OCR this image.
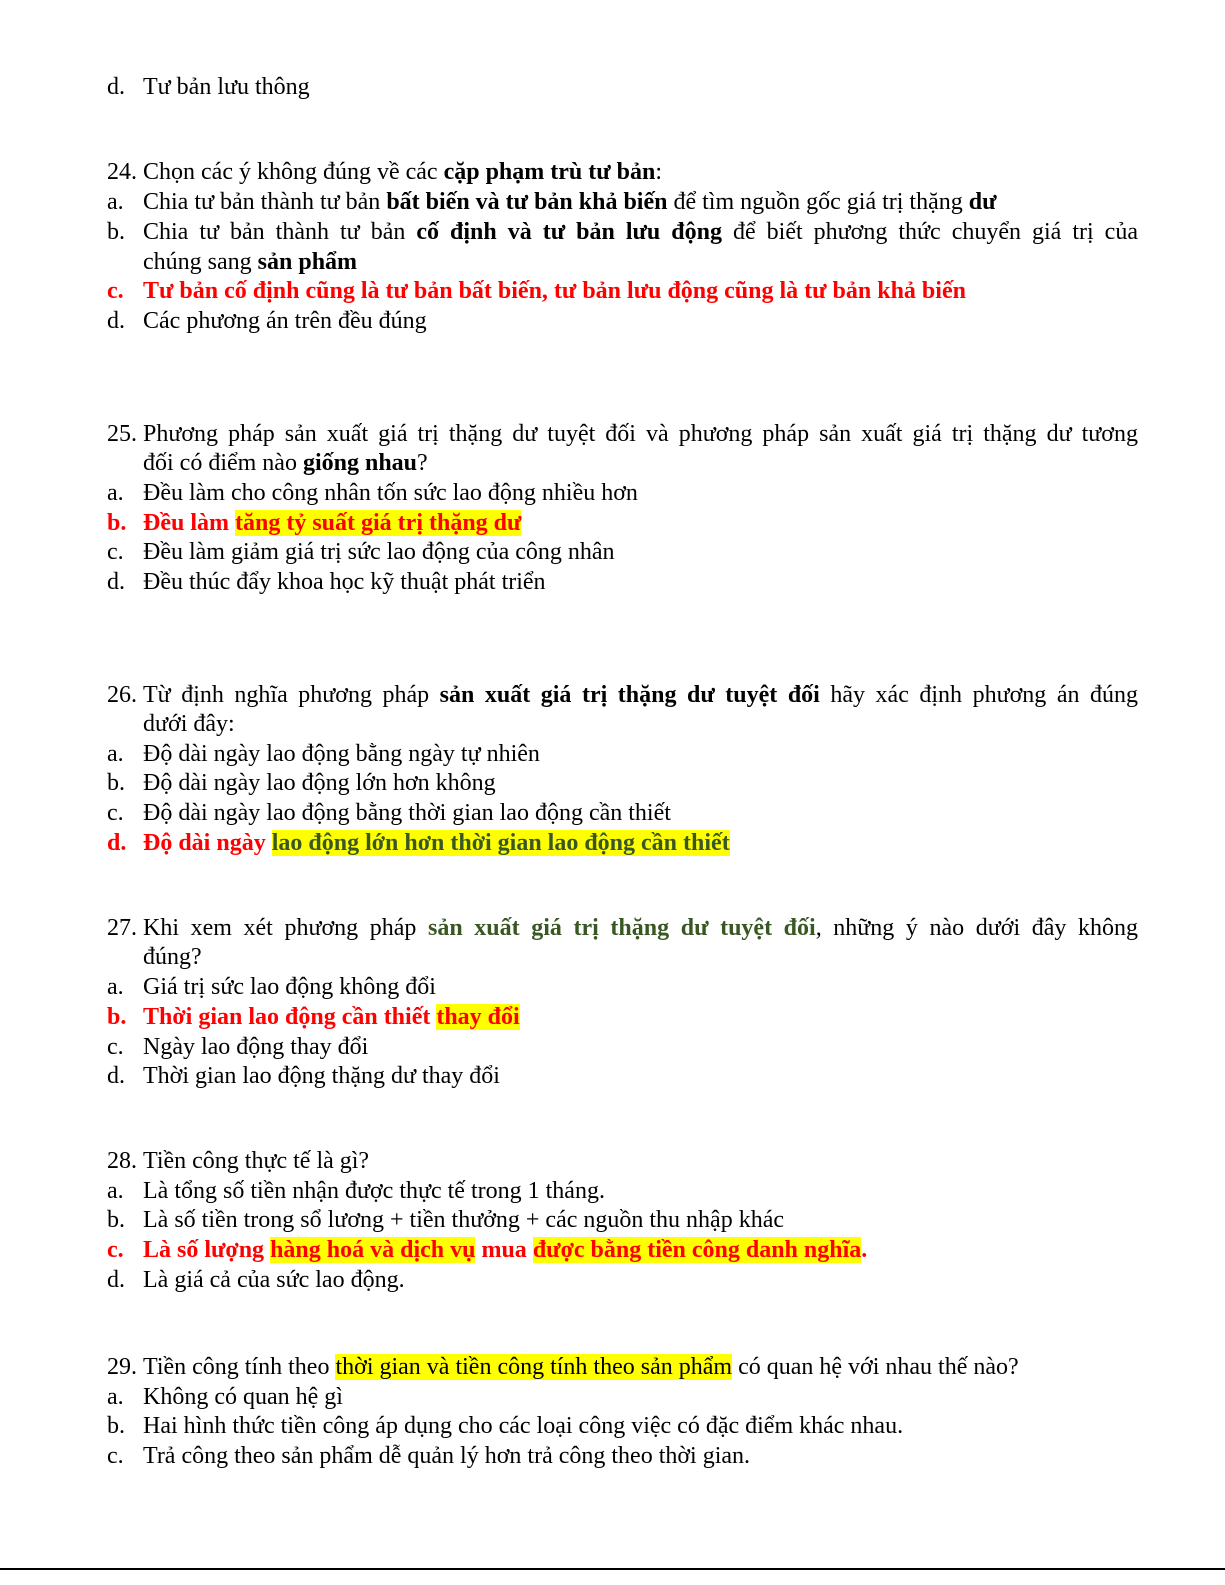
d. Tư bản lưu thông
24. Chọn các ý không đúng về các cặp phạm trù tư bản:
a. Chia tư bản thành tư bản bất biến và tư bản khả biến để tìm nguồn gốc giá trị thặng dư
b. Chia tư bản thành tư bản cố định và tư bản lưu động để biết phương thức chuyển giá trị của
chúng sang sản phẩm
c. Tư bản cố định cũng là tư bản bất biến, tư bản lưu động cũng là tư bản khả biến
d. Các phương án trên đều đúng
25. Phương pháp sản xuất giá trị thặng dư tuyệt đối và phương pháp sản xuất giá trị thặng dư tương
đối có điểm nào giống nhau?
a. Đều làm cho công nhân tốn sức lao động nhiều hơn
b. Đều làm tăng tỷ suất giá trị thặng dư
c. Đều làm giảm giá trị sức lao động của công nhân
d. Đều thúc đẩy khoa học kỹ thuật phát triển
26. Từ định nghĩa phương pháp sản xuất giá trị thặng dư tuyệt đối hãy xác định phương án đúng
dưới đây:
a. Độ dài ngày lao động bằng ngày tự nhiên
b. Độ dài ngày lao động lớn hơn không
c. Độ dài ngày lao động bằng thời gian lao động cần thiết
d. Độ dài ngày lao động lớn hơn thời gian lao động cần thiết
27. Khi xem xét phương pháp sản xuất giá trị thặng dư tuyệt đối, những ý nào dưới đây không
đúng?
a. Giá trị sức lao động không đổi
b. Thời gian lao động cần thiết thay đổi
c. Ngày lao động thay đổi
d. Thời gian lao động thặng dư thay đổi
28. Tiền công thực tế là gì?
a. Là tổng số tiền nhận được thực tế trong 1 tháng.
b. Là số tiền trong sổ lương + tiền thưởng + các nguồn thu nhập khác
c. Là số lượng hàng hoá và dịch vụ mua được bằng tiền công danh nghĩa.
d. Là giá cả của sức lao động.
29. Tiền công tính theo thời gian và tiền công tính theo sản phẩm có quan hệ với nhau thế nào?
a. Không có quan hệ gì
b. Hai hình thức tiền công áp dụng cho các loại công việc có đặc điểm khác nhau.
c. Trả công theo sản phẩm dễ quản lý hơn trả công theo thời gian.
